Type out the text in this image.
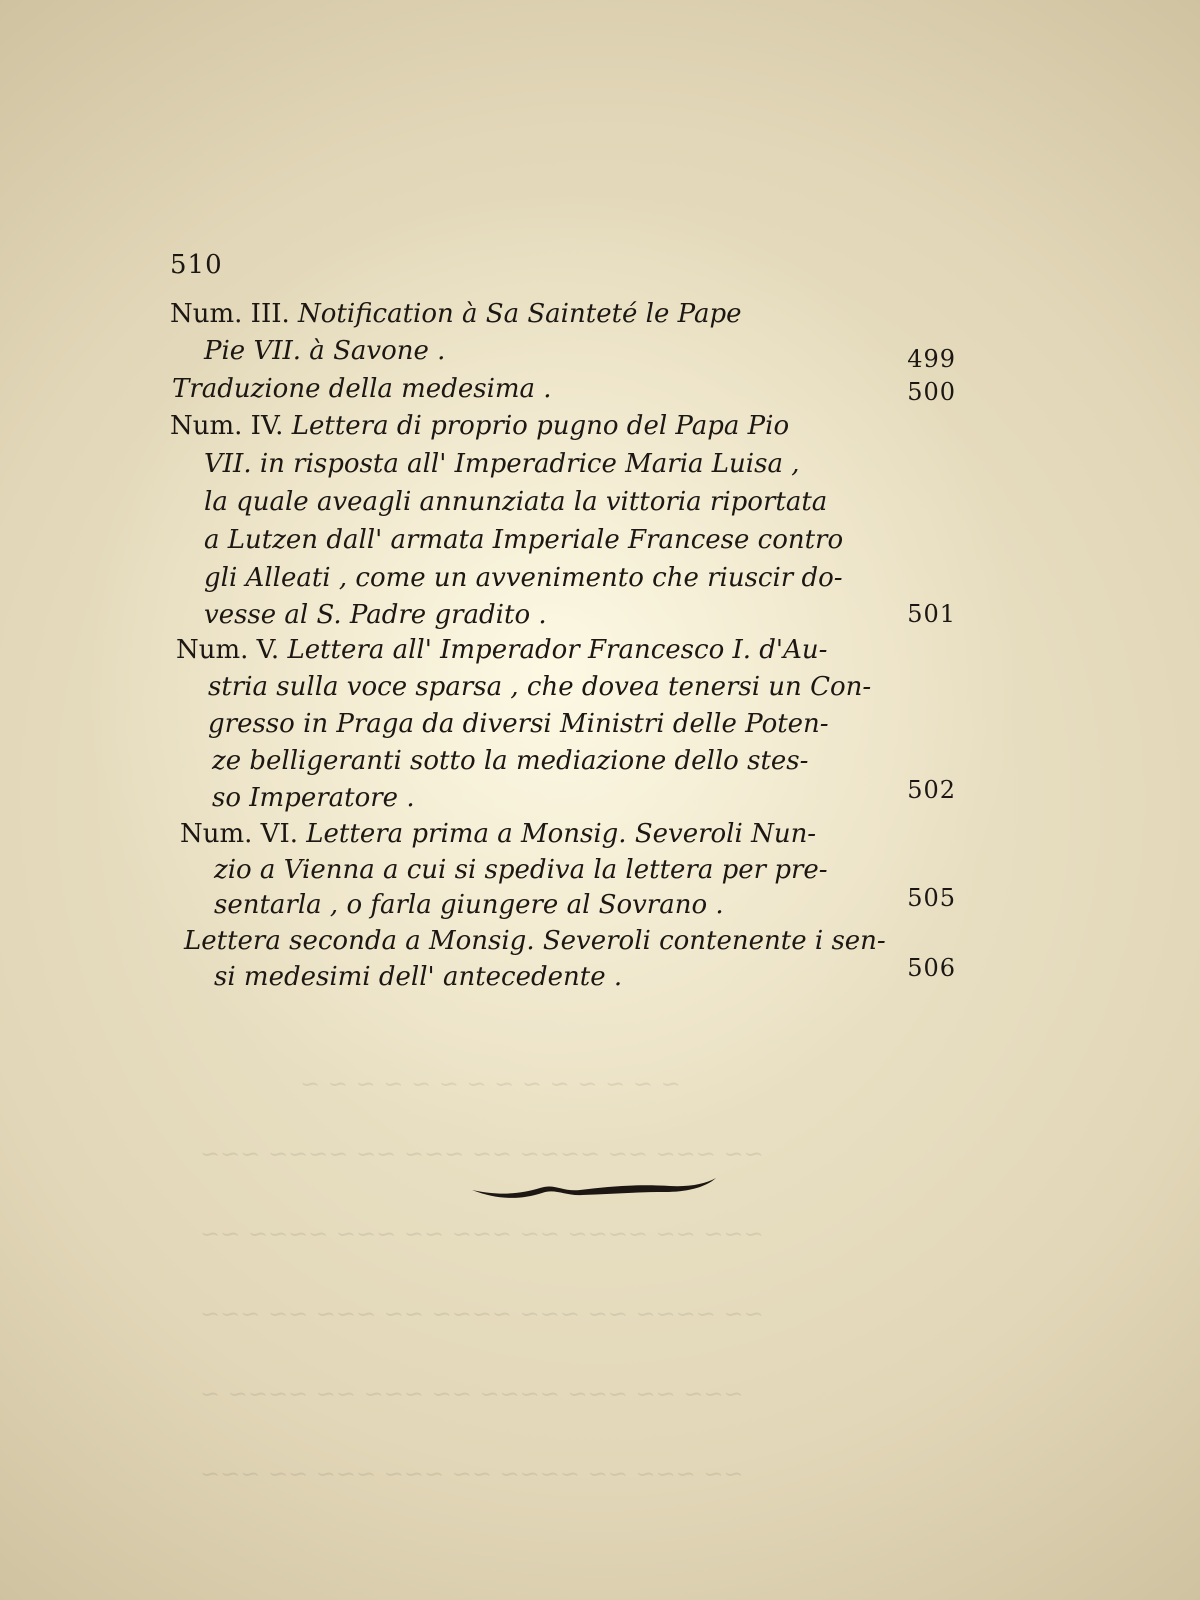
~ ~ ~ ~ ~ ~ ~ ~ ~ ~ ~ ~ ~ ~
~~ ~~~ ~~ ~~~~ ~~ ~~~ ~~ ~~~~ ~~~
~~~ ~~ ~~~~ ~~ ~~~ ~~ ~~~ ~~~~ ~~
~~ ~~~~ ~~ ~~~ ~~~~ ~~ ~~~ ~~ ~~~
~~~ ~~ ~~~ ~~~~ ~~ ~~~ ~~ ~~~~ ~
~~ ~~~ ~~ ~~~~ ~~ ~~~ ~~~ ~~ ~~~
510
Num. III. Notification à Sa Sainteté le Pape
Pie VII. à Savone .	499
Traduzione della medesima .	500
Num. IV. Lettera di proprio pugno del Papa Pio
VII. in risposta all' Imperadrice Maria Luisa ,
la quale aveagli annunziata la vittoria riportata
a Lutzen dall' armata Imperiale Francese contro
gli Alleati , come un avvenimento che riuscir do-
vesse al S. Padre gradito .	501
Num. V. Lettera all' Imperador Francesco I. d'Au-
stria sulla voce sparsa , che dovea tenersi un Con-
gresso in Praga da diversi Ministri delle Poten-
ze belligeranti sotto la mediazione dello stes-
so Imperatore .	502
Num. VI. Lettera prima a Monsig. Severoli Nun-
zio a Vienna a cui si spediva la lettera per pre-
sentarla , o farla giungere al Sovrano .	505
Lettera seconda a Monsig. Severoli contenente i sen-
si medesimi dell' antecedente .	506
